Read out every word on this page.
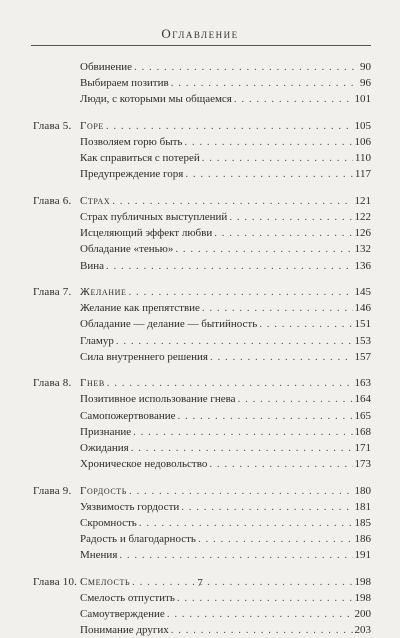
Оглавление
Обвинение . . .	90
Выбираем позитив . . .	96
Люди, с которыми мы общаемся . . .	101
Глава 5. Горе . . .	105
Позволяем горю быть . . .	106
Как справиться с потерей . . .	110
Предупреждение горя . . .	117
Глава 6. Страх . . .	121
Страх публичных выступлений . . .	122
Исцеляющий эффект любви . . .	126
Обладание «тенью» . . .	132
Вина . . .	136
Глава 7. Желание . . .	145
Желание как препятствие . . .	146
Обладание — делание — бытийность . . .	151
Гламур . . .	153
Сила внутреннего решения . . .	157
Глава 8. Гнев . . .	163
Позитивное использование гнева . . .	164
Самопожертвование . . .	165
Признание . . .	168
Ожидания . . .	171
Хроническое недовольство . . .	173
Глава 9. Гордость . . .	180
Уязвимость гордости . . .	181
Скромность . . .	185
Радость и благодарность . . .	186
Мнения . . .	191
Глава 10. Смелость . . .	198
Смелость отпустить . . .	198
Самоутверждение . . .	200
Понимание других . . .	203
7
